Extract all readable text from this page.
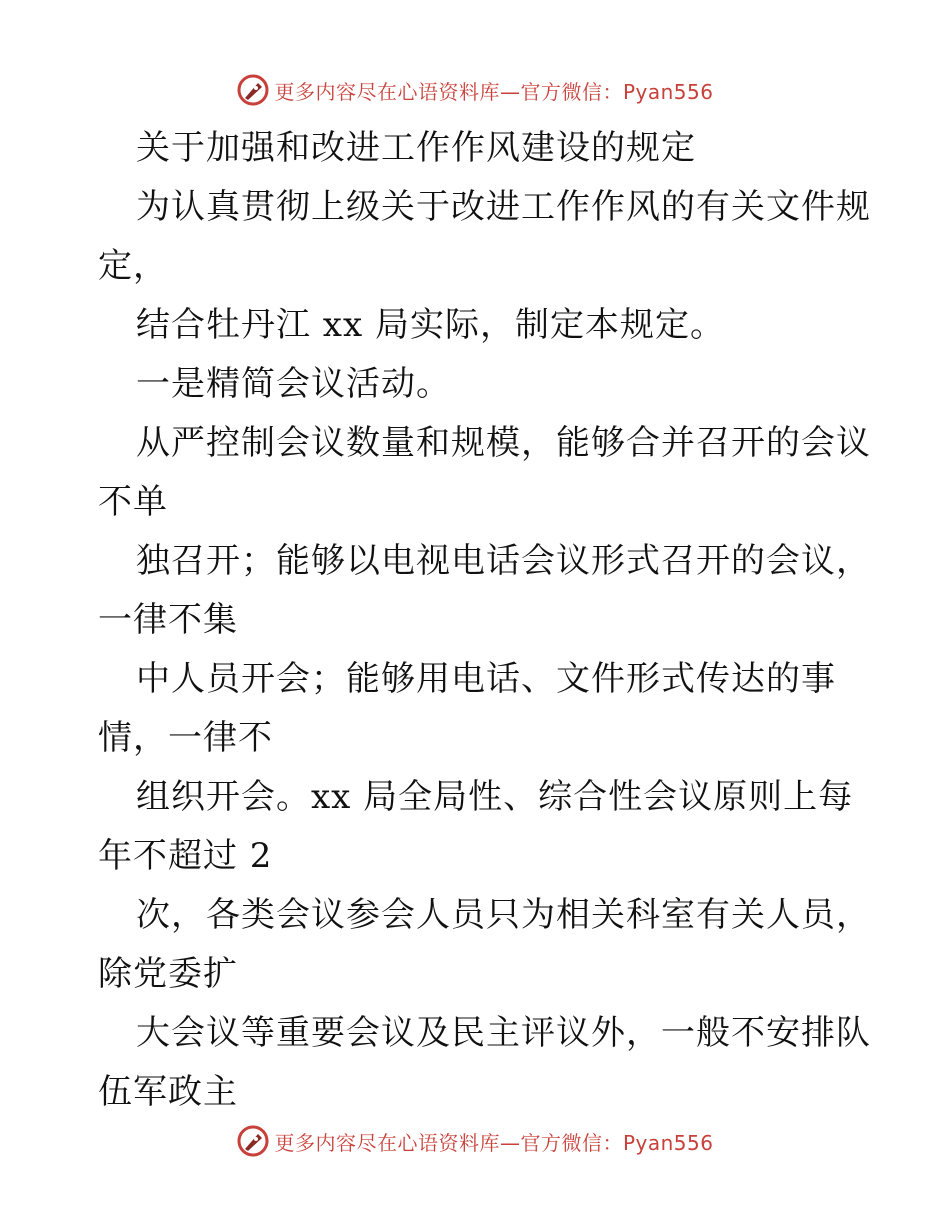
更多内容尽在心语资料库—官方微信：Pyan556
关于加强和改进工作作风建设的规定
为认真贯彻上级关于改进工作作风的有关文件规
定，
结合牡丹江 xx 局实际，制定本规定。
一是精简会议活动。
从严控制会议数量和规模，能够合并召开的会议
不单
独召开；能够以电视电话会议形式召开的会议，
一律不集
中人员开会；能够用电话、文件形式传达的事
情，一律不
组织开会。xx 局全局性、综合性会议原则上每
年不超过 2
次，各类会议参会人员只为相关科室有关人员，
除党委扩
大会议等重要会议及民主评议外，一般不安排队
伍军政主
更多内容尽在心语资料库—官方微信：Pyan556
